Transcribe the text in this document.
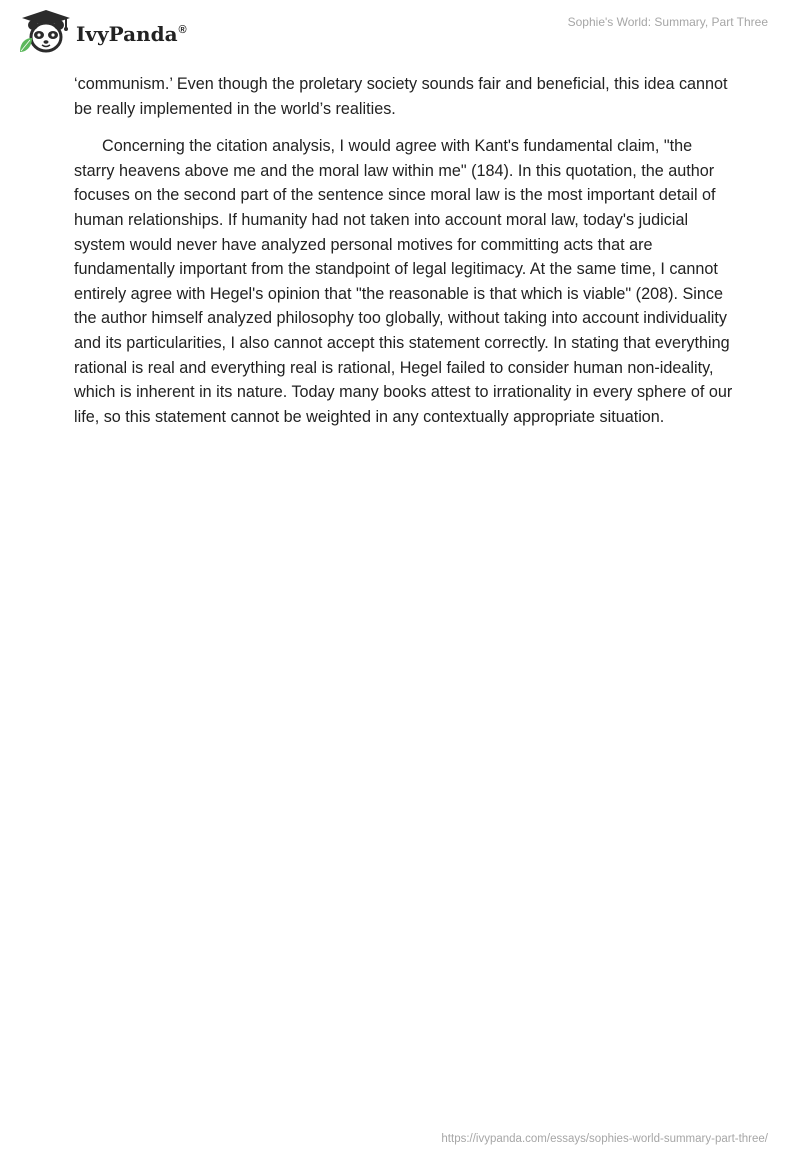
IvyPanda®
Sophie's World: Summary, Part Three

‘communism.’ Even though the proletary society sounds fair and beneficial, this idea cannot be really implemented in the world’s realities.

Concerning the citation analysis, I would agree with Kant's fundamental claim, "the starry heavens above me and the moral law within me" (184). In this quotation, the author focuses on the second part of the sentence since moral law is the most important detail of human relationships. If humanity had not taken into account moral law, today's judicial system would never have analyzed personal motives for committing acts that are fundamentally important from the standpoint of legal legitimacy. At the same time, I cannot entirely agree with Hegel's opinion that "the reasonable is that which is viable" (208). Since the author himself analyzed philosophy too globally, without taking into account individuality and its particularities, I also cannot accept this statement correctly. In stating that everything rational is real and everything real is rational, Hegel failed to consider human non-ideality, which is inherent in its nature. Today many books attest to irrationality in every sphere of our life, so this statement cannot be weighted in any contextually appropriate situation.

https://ivypanda.com/essays/sophies-world-summary-part-three/
